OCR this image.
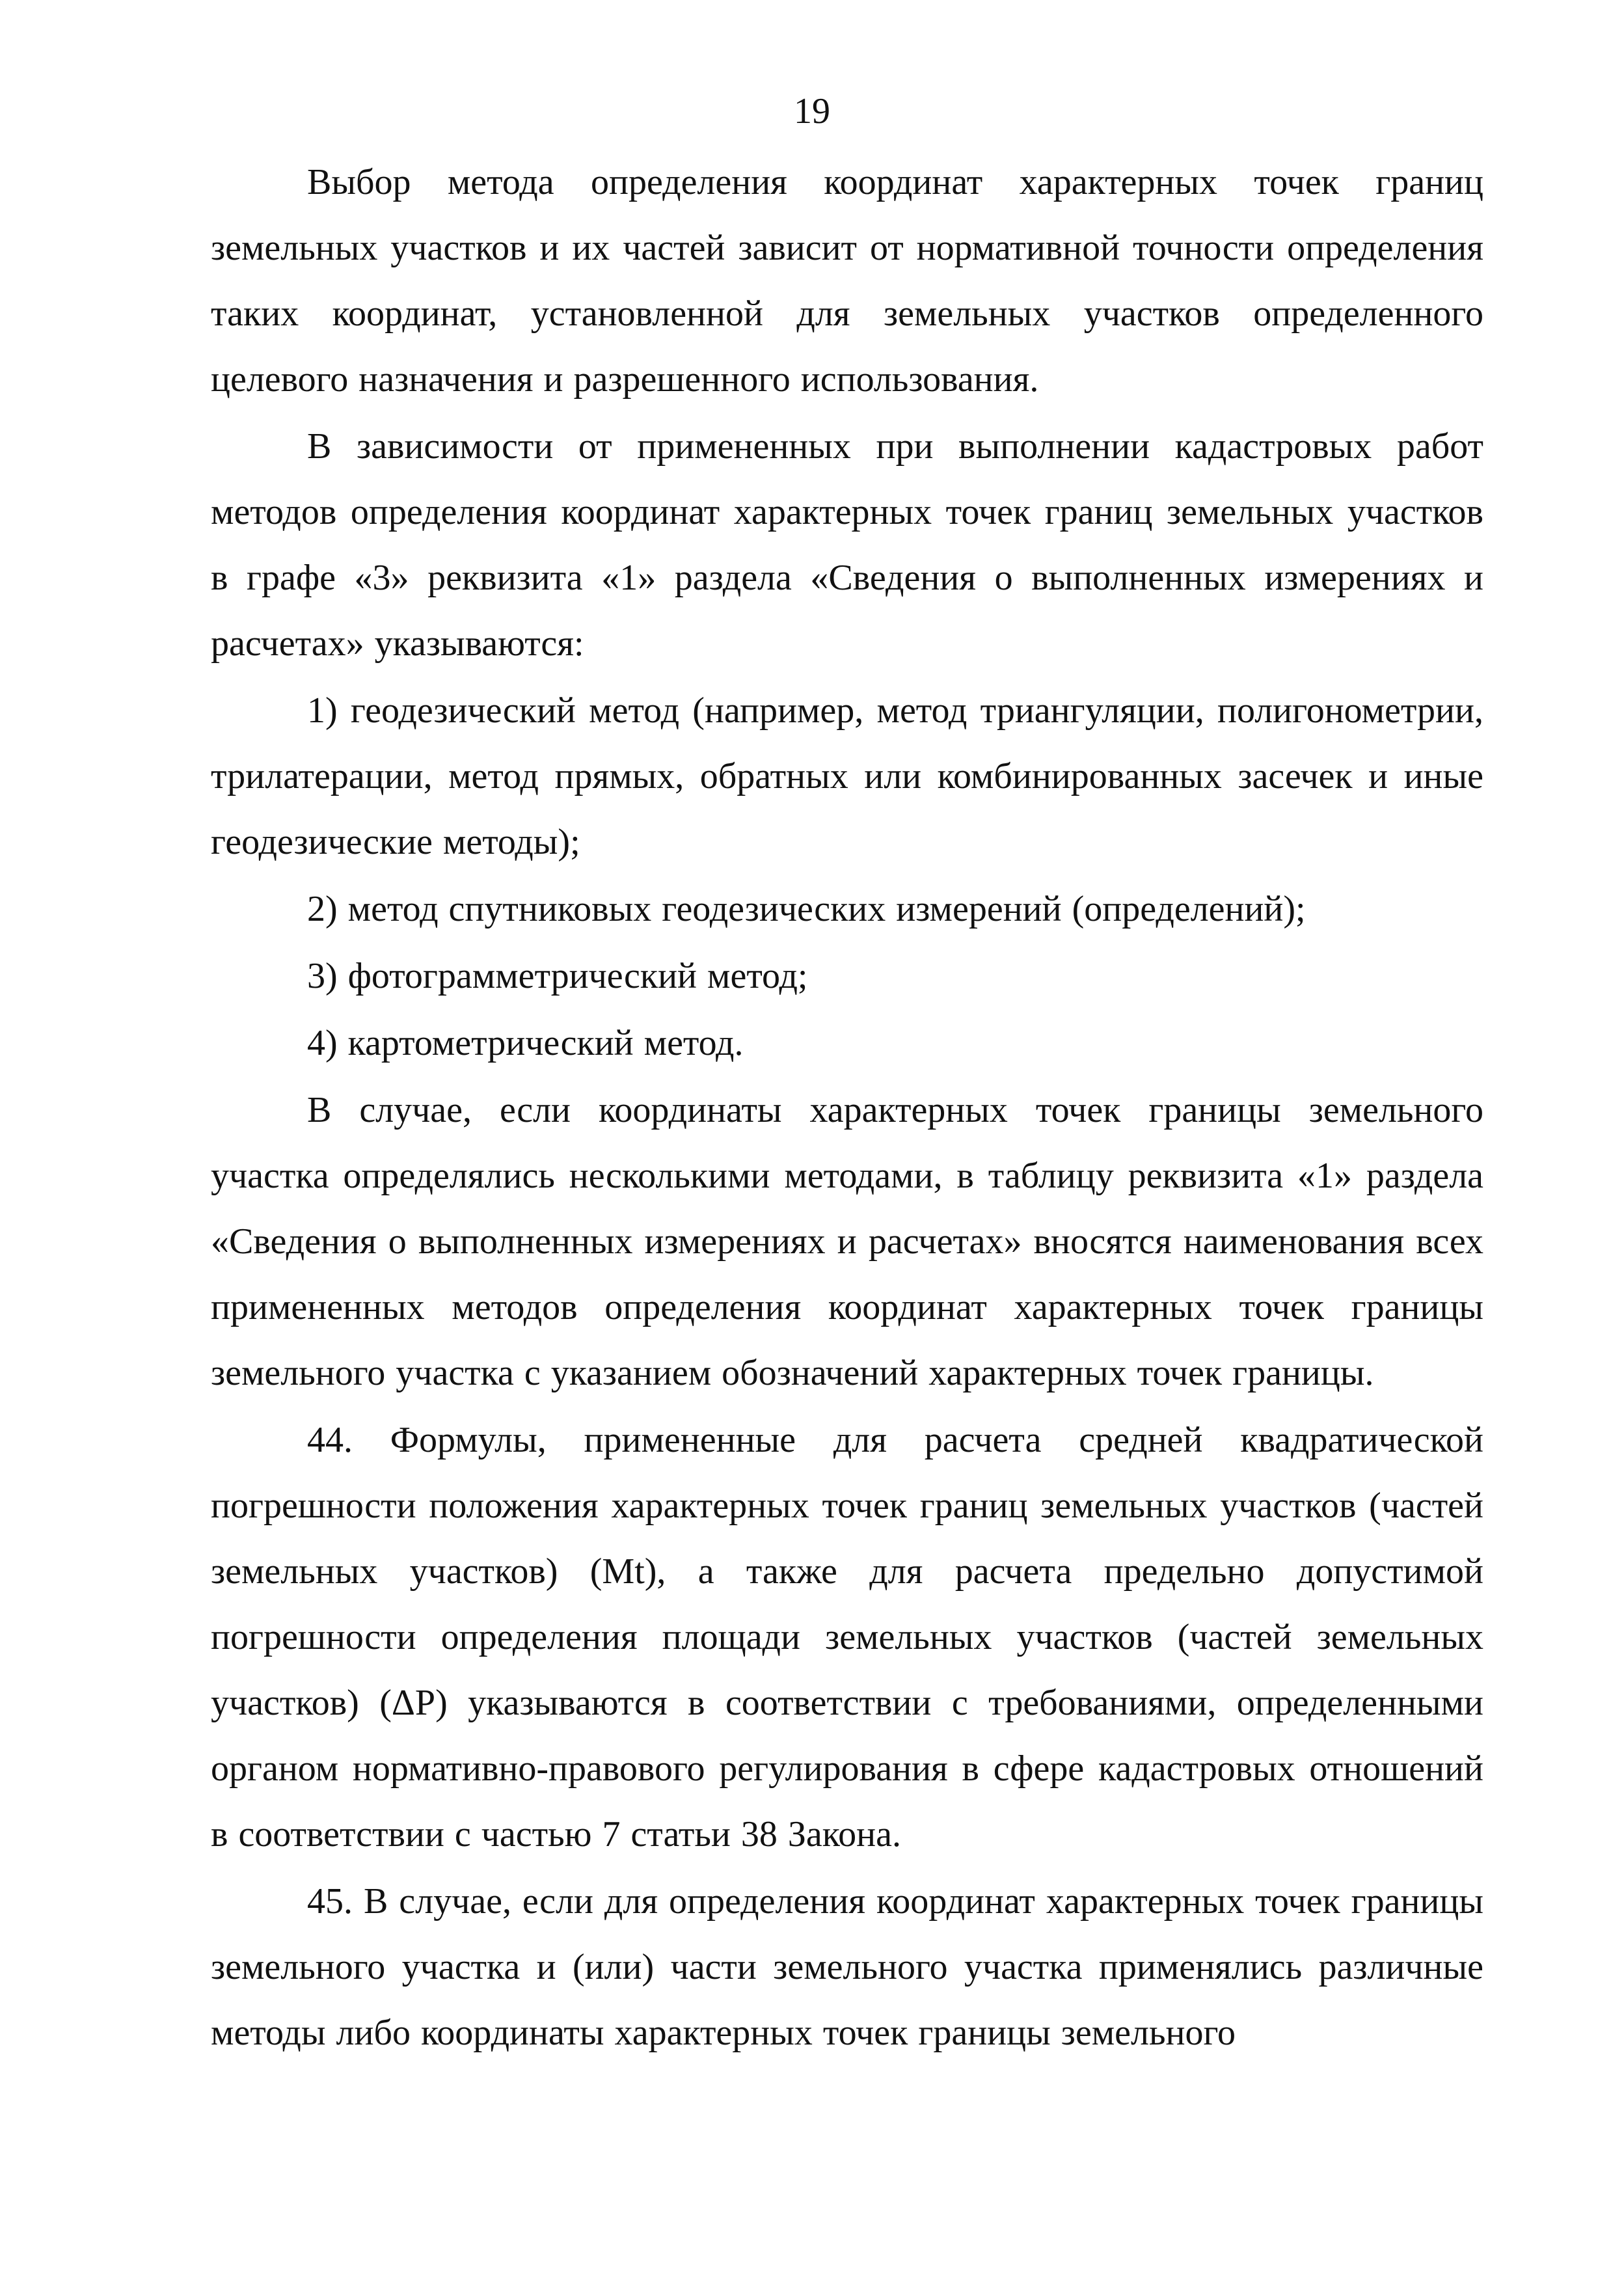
19

Выбор метода определения координат характерных точек границ земельных участков и их частей зависит от нормативной точности определения таких координат, установленной для земельных участков определенного целевого назначения и разрешенного использования.

В зависимости от примененных при выполнении кадастровых работ методов определения координат характерных точек границ земельных участков в графе «3» реквизита «1» раздела «Сведения о выполненных измерениях и расчетах» указываются:

1) геодезический метод (например, метод триангуляции, полигонометрии, трилатерации, метод прямых, обратных или комбинированных засечек и иные геодезические методы);

2) метод спутниковых геодезических измерений (определений);

3) фотограмметрический метод;

4) картометрический метод.

В случае, если координаты характерных точек границы земельного участка определялись несколькими методами, в таблицу реквизита «1» раздела «Сведения о выполненных измерениях и расчетах» вносятся наименования всех примененных методов определения координат характерных точек границы земельного участка с указанием обозначений характерных точек границы.

44. Формулы, примененные для расчета средней квадратической погрешности положения характерных точек границ земельных участков (частей земельных участков) (Mt), а также для расчета предельно допустимой погрешности определения площади земельных участков (частей земельных участков) (ΔР) указываются в соответствии с требованиями, определенными органом нормативно-правового регулирования в сфере кадастровых отношений в соответствии с частью 7 статьи 38 Закона.

45. В случае, если для определения координат характерных точек границы земельного участка и (или) части земельного участка применялись различные методы либо координаты характерных точек границы земельного
